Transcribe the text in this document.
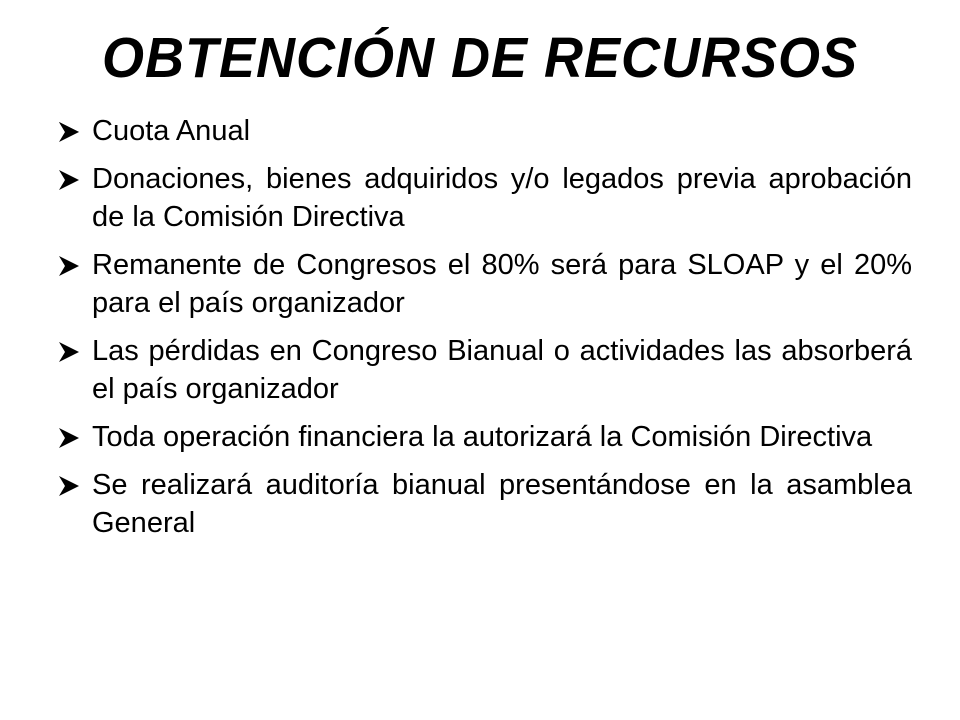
OBTENCIÓN DE RECURSOS
Cuota Anual
Donaciones, bienes adquiridos y/o legados previa aprobación de la Comisión Directiva
Remanente de Congresos el 80% será para SLOAP y el 20% para el país organizador
Las pérdidas en Congreso Bianual o actividades las absorberá el país organizador
Toda operación financiera la autorizará la Comisión Directiva
Se realizará auditoría bianual presentándose en la asamblea General
